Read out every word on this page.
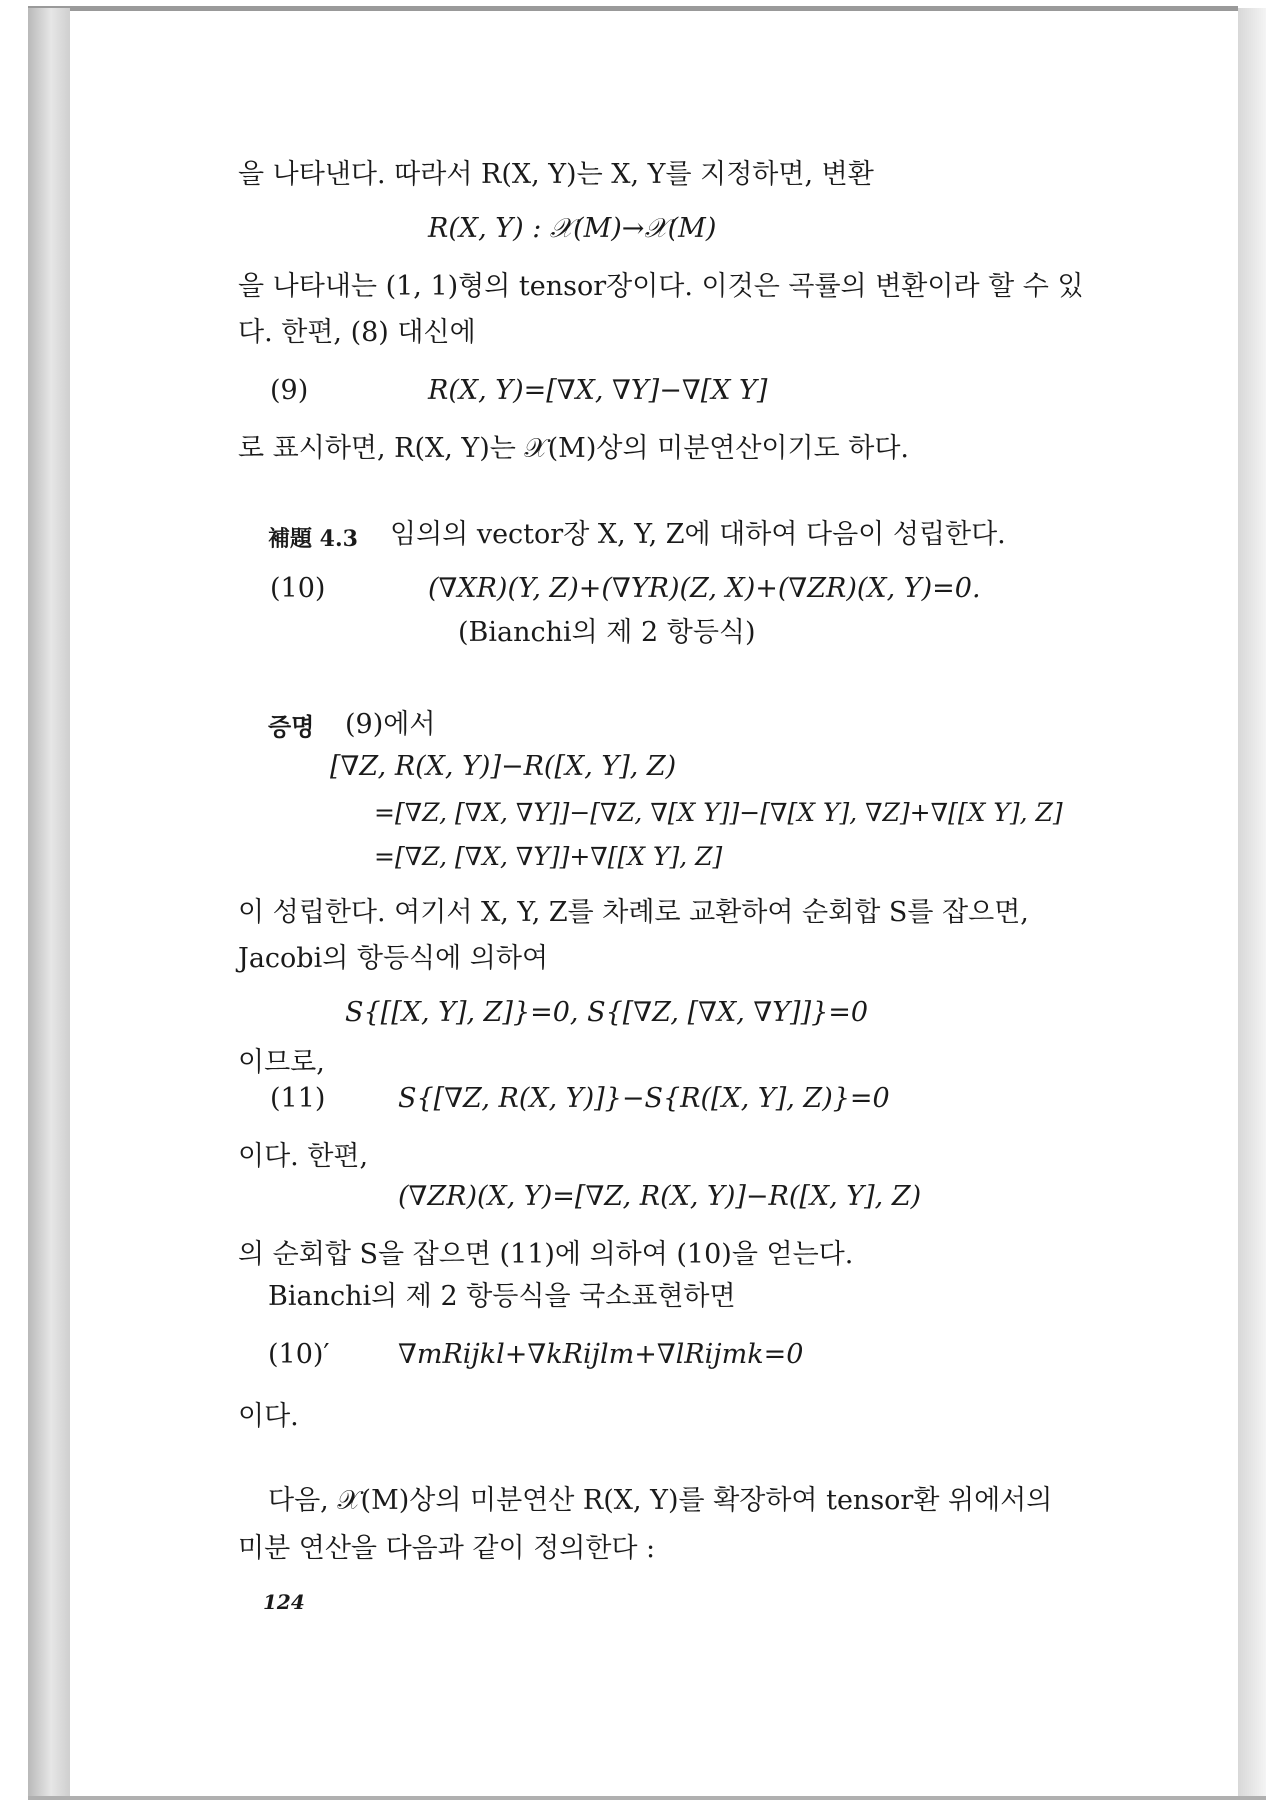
을 나타낸다. 따라서 R(X, Y)는 X, Y를 지정하면, 변환
R(X, Y) : 𝒳(M)→𝒳(M)
을 나타내는 (1, 1)형의 tensor장이다. 이것은 곡률의 변환이라 할 수 있
다. 한편, (8) 대신에
(9)	R(X, Y)=[∇X, ∇Y]−∇[X Y]
로 표시하면, R(X, Y)는 𝒳(M)상의 미분연산이기도 하다.
補題 4.3 임의의 vector장 X, Y, Z에 대하여 다음이 성립한다.
(10)	(∇XR)(Y, Z)+(∇YR)(Z, X)+(∇ZR)(X, Y)=0.
(Bianchi의 제 2 항등식)
증명 (9)에서
[∇Z, R(X, Y)]−R([X, Y], Z)
=[∇Z, [∇X, ∇Y]]−[∇Z, ∇[X Y]]−[∇[X Y], ∇Z]+∇[[X Y], Z]
=[∇Z, [∇X, ∇Y]]+∇[[X Y], Z]
이 성립한다. 여기서 X, Y, Z를 차례로 교환하여 순회합 S를 잡으면,
Jacobi의 항등식에 의하여
S{[[X, Y], Z]}=0, S{[∇Z, [∇X, ∇Y]]}=0
이므로,
(11)	S{[∇Z, R(X, Y)]}−S{R([X, Y], Z)}=0
이다. 한편,
(∇ZR)(X, Y)=[∇Z, R(X, Y)]−R([X, Y], Z)
의 순회합 S을 잡으면 (11)에 의하여 (10)을 얻는다.
Bianchi의 제 2 항등식을 국소표현하면
(10)′	∇mRijkl+∇kRijlm+∇lRijmk=0
이다.
다음, 𝒳(M)상의 미분연산 R(X, Y)를 확장하여 tensor환 위에서의
미분 연산을 다음과 같이 정의한다 :
124
